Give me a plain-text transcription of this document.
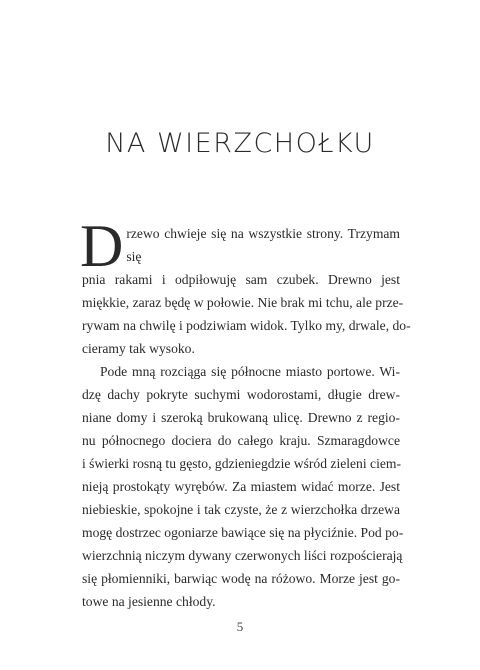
NA WIERZCHOŁKU

D rzewo chwieje się na wszystkie strony. Trzymam się
pnia rakami i odpiłowuję sam czubek. Drewno jest
miękkie, zaraz będę w połowie. Nie brak mi tchu, ale prze-
rywam na chwilę i podziwiam widok. Tylko my, drwale, do-
cieramy tak wysoko.

Pode mną rozciąga się północne miasto portowe. Wi-
dzę dachy pokryte suchymi wodorostami, długie drew-
niane domy i szeroką brukowaną ulicę. Drewno z regio-
nu północnego dociera do całego kraju. Szmaragdowce
i świerki rosną tu gęsto, gdzieniegdzie wśród zieleni ciem-
nieją prostokąty wyrębów. Za miastem widać morze. Jest
niebieskie, spokojne i tak czyste, że z wierzchołka drzewa
mogę dostrzec ogoniarze bawiące się na płyciźnie. Pod po-
wierzchnią niczym dywany czerwonych liści rozpościerają
się płomienniki, barwiąc wodę na różowo. Morze jest go-
towe na jesienne chłody.

5
